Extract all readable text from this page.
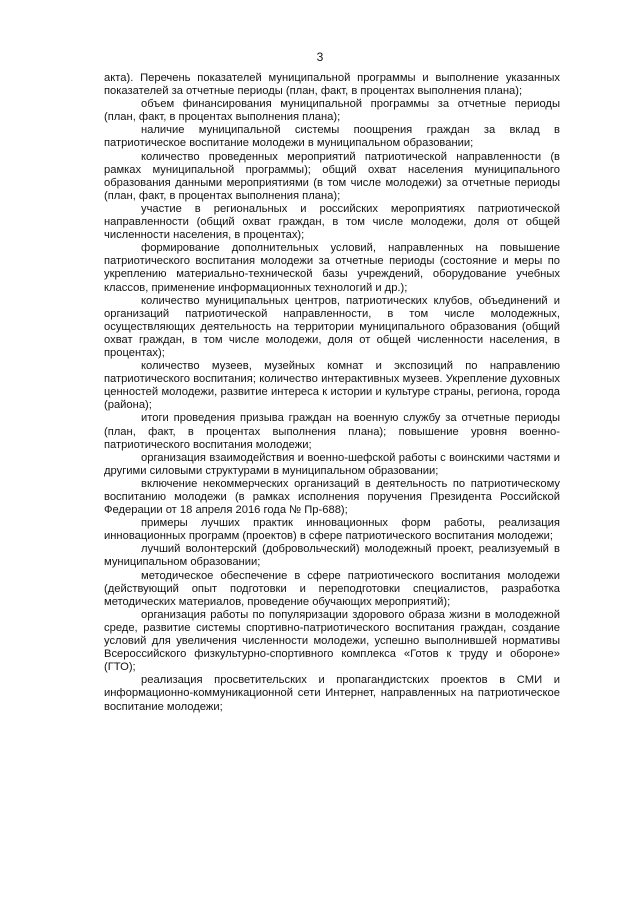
3

акта). Перечень показателей муниципальной программы и выполнение указанных показателей за отчетные периоды (план, факт, в процентах выполнения плана);

объем финансирования муниципальной программы за отчетные периоды (план, факт, в процентах выполнения плана);

наличие муниципальной системы поощрения граждан за вклад в патриотическое воспитание молодежи в муниципальном образовании;

количество проведенных мероприятий патриотической направленности (в рамках муниципальной программы); общий охват населения муниципального образования данными мероприятиями (в том числе молодежи) за отчетные периоды (план, факт, в процентах выполнения плана);

участие в региональных и российских мероприятиях патриотической направленности (общий охват граждан, в том числе молодежи, доля от общей численности населения, в процентах);

формирование дополнительных условий, направленных на повышение патриотического воспитания молодежи за отчетные периоды (состояние и меры по укреплению материально-технической базы учреждений, оборудование учебных классов, применение информационных технологий и др.);

количество муниципальных центров, патриотических клубов, объединений и организаций патриотической направленности, в том числе молодежных, осуществляющих деятельность на территории муниципального образования (общий охват граждан, в том числе молодежи, доля от общей численности населения, в процентах);

количество музеев, музейных комнат и экспозиций по направлению патриотического воспитания; количество интерактивных музеев. Укрепление духовных ценностей молодежи, развитие интереса к истории и культуре страны, региона, города (района);

итоги проведения призыва граждан на военную службу за отчетные периоды (план, факт, в процентах выполнения плана); повышение уровня военно-патриотического воспитания молодежи;

организация взаимодействия и военно-шефской работы с воинскими частями и другими силовыми структурами в муниципальном образовании;

включение некоммерческих организаций в деятельность по патриотическому воспитанию молодежи (в рамках исполнения поручения Президента Российской Федерации от 18 апреля 2016 года № Пр-688);

примеры лучших практик инновационных форм работы, реализация инновационных программ (проектов) в сфере патриотического воспитания молодежи;

лучший волонтерский (добровольческий) молодежный проект, реализуемый в муниципальном образовании;

методическое обеспечение в сфере патриотического воспитания молодежи (действующий опыт подготовки и переподготовки специалистов, разработка методических материалов, проведение обучающих мероприятий);

организация работы по популяризации здорового образа жизни в молодежной среде, развитие системы спортивно-патриотического воспитания граждан, создание условий для увеличения численности молодежи, успешно выполнившей нормативы Всероссийского физкультурно-спортивного комплекса «Готов к труду и обороне» (ГТО);

реализация просветительских и пропагандистских проектов в СМИ и информационно-коммуникационной сети Интернет, направленных на патриотическое воспитание молодежи;
